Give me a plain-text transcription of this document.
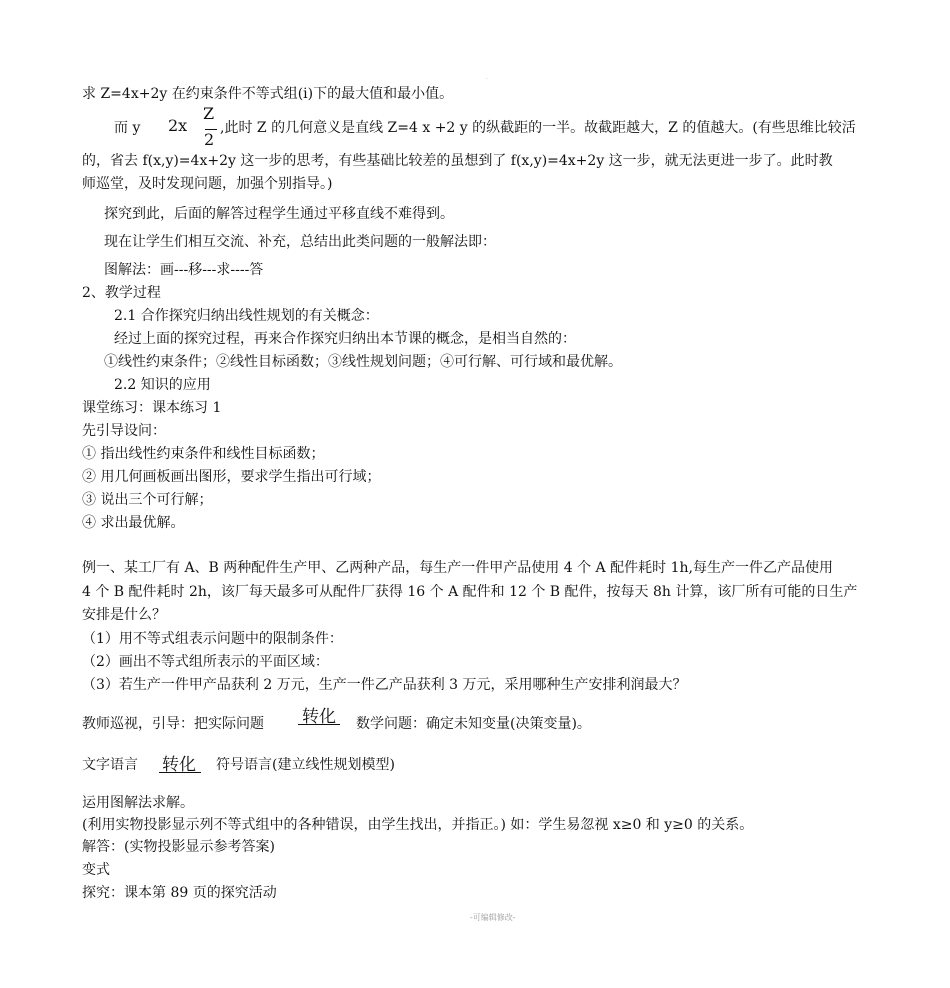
·
求 Z=4x+2y 在约束条件不等式组(i)下的最大值和最小值。
而 y 2x
Z
2
,此时 Z 的几何意义是直线 Z=4 x +2 y 的纵截距的一半。故截距越大，Z 的值越大。(有些思维比较活
的，省去 f(x,y)=4x+2y 这一步的思考，有些基础比较差的虽想到了 f(x,y)=4x+2y 这一步，就无法更进一步了。此时教
师巡堂，及时发现问题，加强个别指导。)
探究到此，后面的解答过程学生通过平移直线不难得到。
现在让学生们相互交流、补充，总结出此类问题的一般解法即：
图解法：画---移---求----答
2、教学过程
2.1 合作探究归纳出线性规划的有关概念：
经过上面的探究过程，再来合作探究归纳出本节课的概念，是相当自然的：
①线性约束条件；②线性目标函数；③线性规划问题；④可行解、可行域和最优解。
2.2 知识的应用
课堂练习：课本练习 1
先引导设问：
① 指出线性约束条件和线性目标函数；
② 用几何画板画出图形，要求学生指出可行域；
③ 说出三个可行解；
④ 求出最优解。
例一、某工厂有 A、B 两种配件生产甲、乙两种产品，每生产一件甲产品使用 4 个 A 配件耗时 1h,每生产一件乙产品使用
4 个 B 配件耗时 2h，该厂每天最多可从配件厂获得 16 个 A 配件和 12 个 B 配件，按每天 8h 计算，该厂所有可能的日生产
安排是什么？
（1）用不等式组表示问题中的限制条件：
（2）画出不等式组所表示的平面区域：
（3）若生产一件甲产品获利 2 万元，生产一件乙产品获利 3 万元，采用哪种生产安排利润最大？
教师巡视，引导：把实际问题 转化 数学问题：确定未知变量(决策变量)。
文字语言 转化 符号语言(建立线性规划模型)
运用图解法求解。
(利用实物投影显示列不等式组中的各种错误，由学生找出，并指正。) 如：学生易忽视 x≥0 和 y≥0 的关系。
解答：(实物投影显示参考答案)
变式
探究：课本第 89 页的探究活动
-可编辑修改-
